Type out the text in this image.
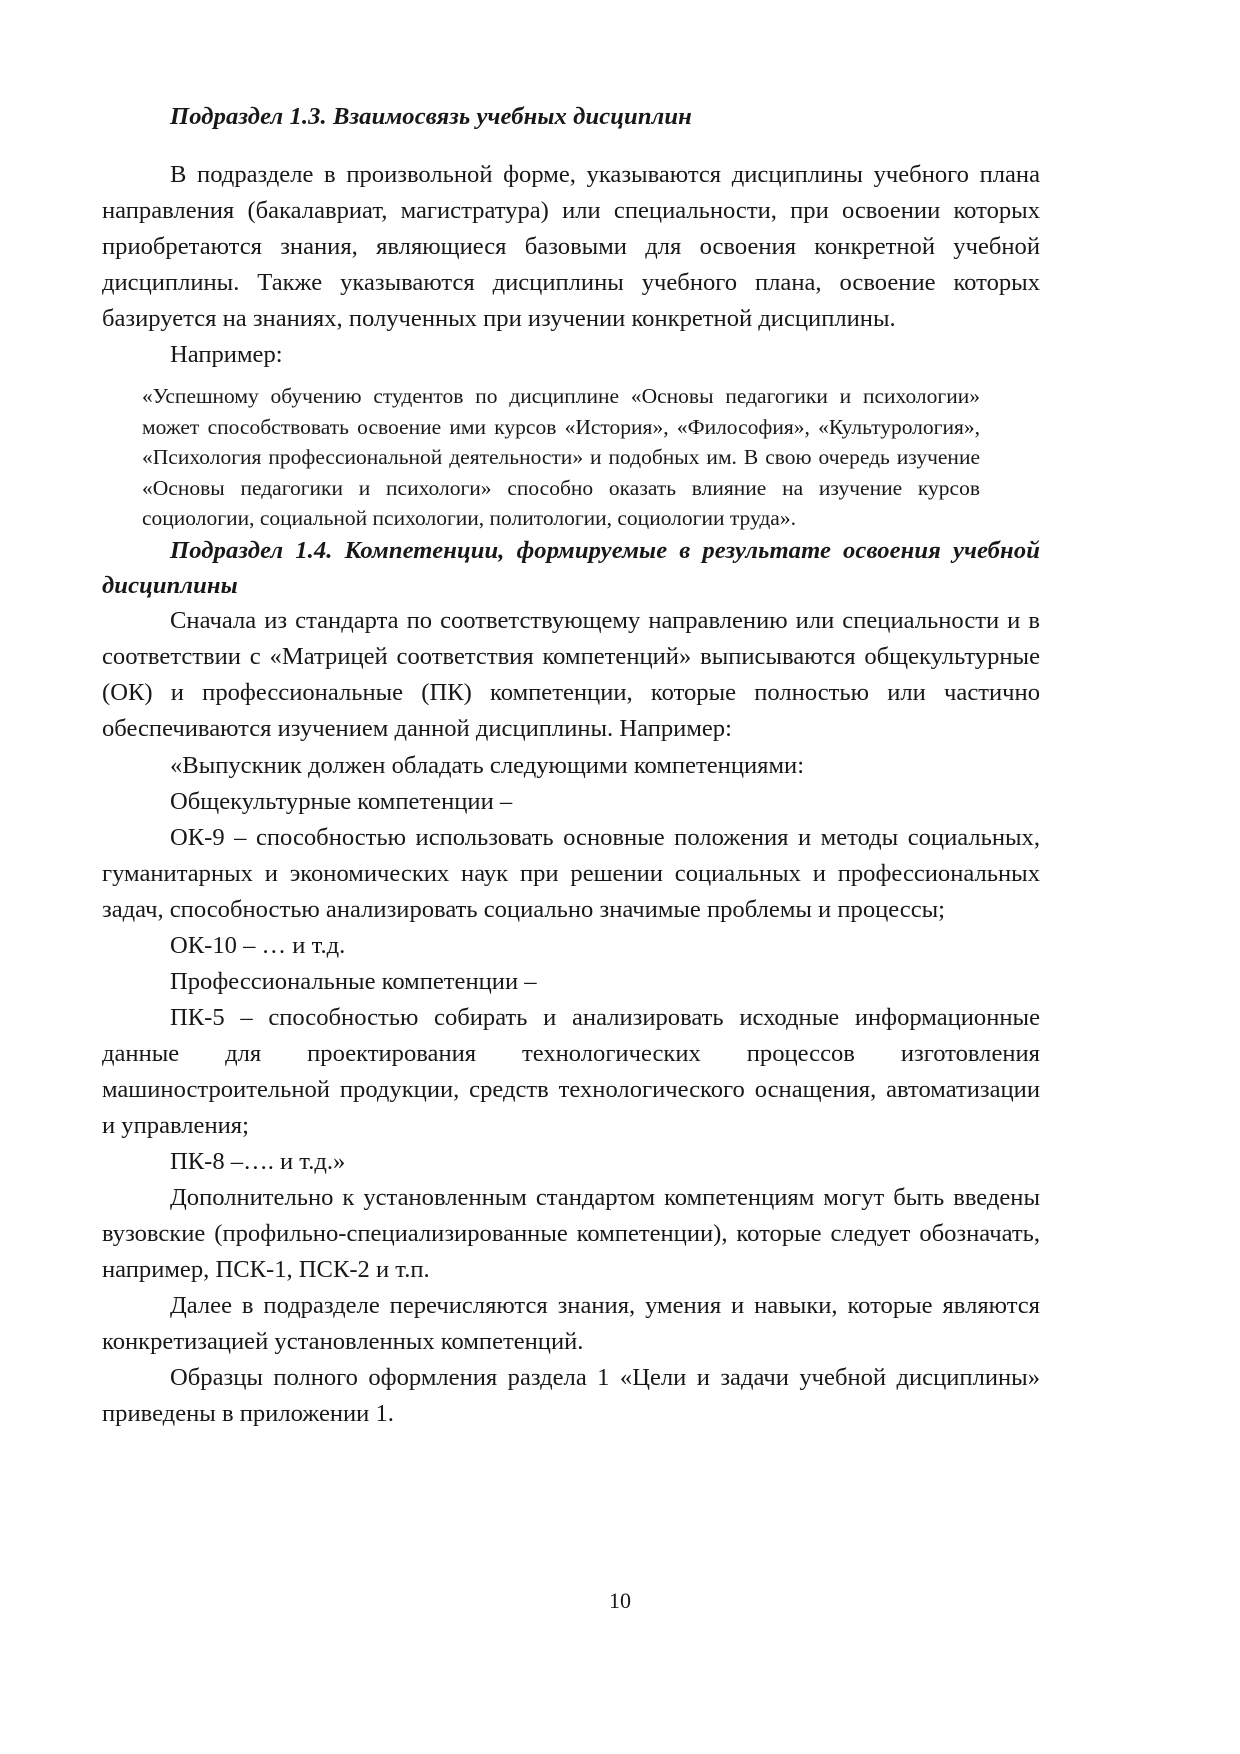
Подраздел 1.3. Взаимосвязь учебных дисциплин

В подразделе в произвольной форме, указываются дисциплины учебного плана направления (бакалавриат, магистратура) или специальности, при освоении которых приобретаются знания, являющиеся базовыми для освоения конкретной учебной дисциплины. Также указываются дисциплины учебного плана, освоение которых базируется на знаниях, полученных при изучении конкретной дисциплины.

Например:

«Успешному обучению студентов по дисциплине «Основы педагогики и психологии» может способствовать освоение ими курсов «История», «Философия», «Культурология», «Психология профессиональной деятельности» и подобных им. В свою очередь изучение «Основы педагогики и психологи» способно оказать влияние на изучение курсов социологии, социальной психологии, политологии, социологии труда».

Подраздел 1.4. Компетенции, формируемые в результате освоения учебной дисциплины

Сначала из стандарта по соответствующему направлению или специальности и в соответствии с «Матрицей соответствия компетенций» выписываются общекультурные (ОК) и профессиональные (ПК) компетенции, которые полностью или частично обеспечиваются изучением данной дисциплины. Например:

«Выпускник должен обладать следующими компетенциями:

Общекультурные компетенции –

ОК-9 – способностью использовать основные положения и методы социальных, гуманитарных и экономических наук при решении социальных и профессиональных задач, способностью анализировать социально значимые проблемы и процессы;

ОК-10 – … и т.д.

Профессиональные компетенции –

ПК-5 – способностью собирать и анализировать исходные информационные данные для проектирования технологических процессов изготовления машиностроительной продукции, средств технологического оснащения, автоматизации и управления;

ПК-8 –…. и т.д.»

Дополнительно к установленным стандартом компетенциям могут быть введены вузовские (профильно-специализированные компетенции), которые следует обозначать, например, ПСК-1, ПСК-2 и т.п.

Далее в подразделе перечисляются знания, умения и навыки, которые являются конкретизацией установленных компетенций.

Образцы полного оформления раздела 1 «Цели и задачи учебной дисциплины» приведены в приложении 1.

10
